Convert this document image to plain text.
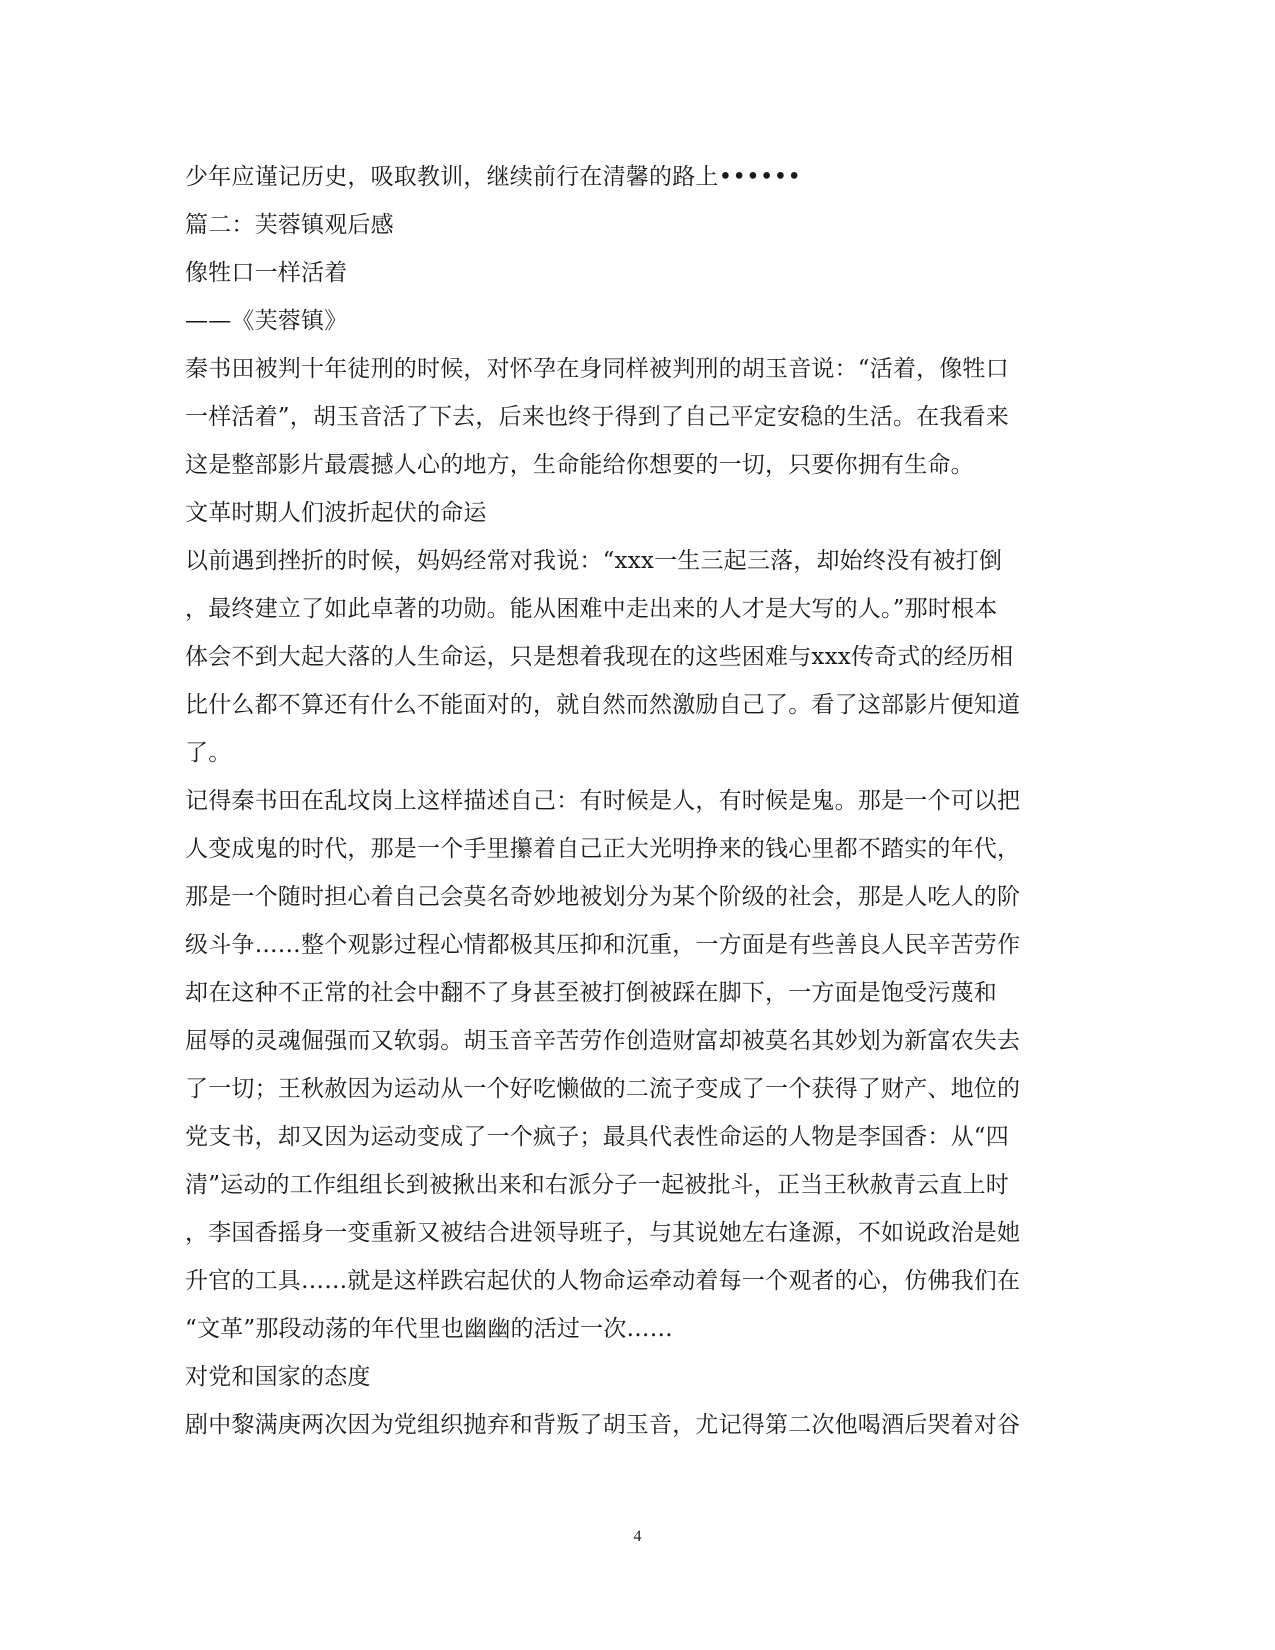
少年应谨记历史，吸取教训，继续前行在清馨的路上••••••
篇二：芙蓉镇观后感
像牲口一样活着
——《芙蓉镇》
秦书田被判十年徒刑的时候，对怀孕在身同样被判刑的胡玉音说：“活着，像牲口
一样活着”，胡玉音活了下去，后来也终于得到了自己平定安稳的生活。在我看来
这是整部影片最震撼人心的地方，生命能给你想要的一切，只要你拥有生命。
文革时期人们波折起伏的命运
以前遇到挫折的时候，妈妈经常对我说：“xxx一生三起三落，却始终没有被打倒
，最终建立了如此卓著的功勋。能从困难中走出来的人才是大写的人。”那时根本
体会不到大起大落的人生命运，只是想着我现在的这些困难与xxx传奇式的经历相
比什么都不算还有什么不能面对的，就自然而然激励自己了。看了这部影片便知道
了。
记得秦书田在乱坟岗上这样描述自己：有时候是人，有时候是鬼。那是一个可以把
人变成鬼的时代，那是一个手里攥着自己正大光明挣来的钱心里都不踏实的年代，
那是一个随时担心着自己会莫名奇妙地被划分为某个阶级的社会，那是人吃人的阶
级斗争……整个观影过程心情都极其压抑和沉重，一方面是有些善良人民辛苦劳作
却在这种不正常的社会中翻不了身甚至被打倒被踩在脚下，一方面是饱受污蔑和
屈辱的灵魂倔强而又软弱。胡玉音辛苦劳作创造财富却被莫名其妙划为新富农失去
了一切；王秋赦因为运动从一个好吃懒做的二流子变成了一个获得了财产、地位的
党支书，却又因为运动变成了一个疯子；最具代表性命运的人物是李国香：从“四
清”运动的工作组组长到被揪出来和右派分子一起被批斗，正当王秋赦青云直上时
，李国香摇身一变重新又被结合进领导班子，与其说她左右逢源，不如说政治是她
升官的工具……就是这样跌宕起伏的人物命运牵动着每一个观者的心，仿佛我们在
“文革”那段动荡的年代里也幽幽的活过一次……
对党和国家的态度
剧中黎满庚两次因为党组织抛弃和背叛了胡玉音，尤记得第二次他喝酒后哭着对谷
4
